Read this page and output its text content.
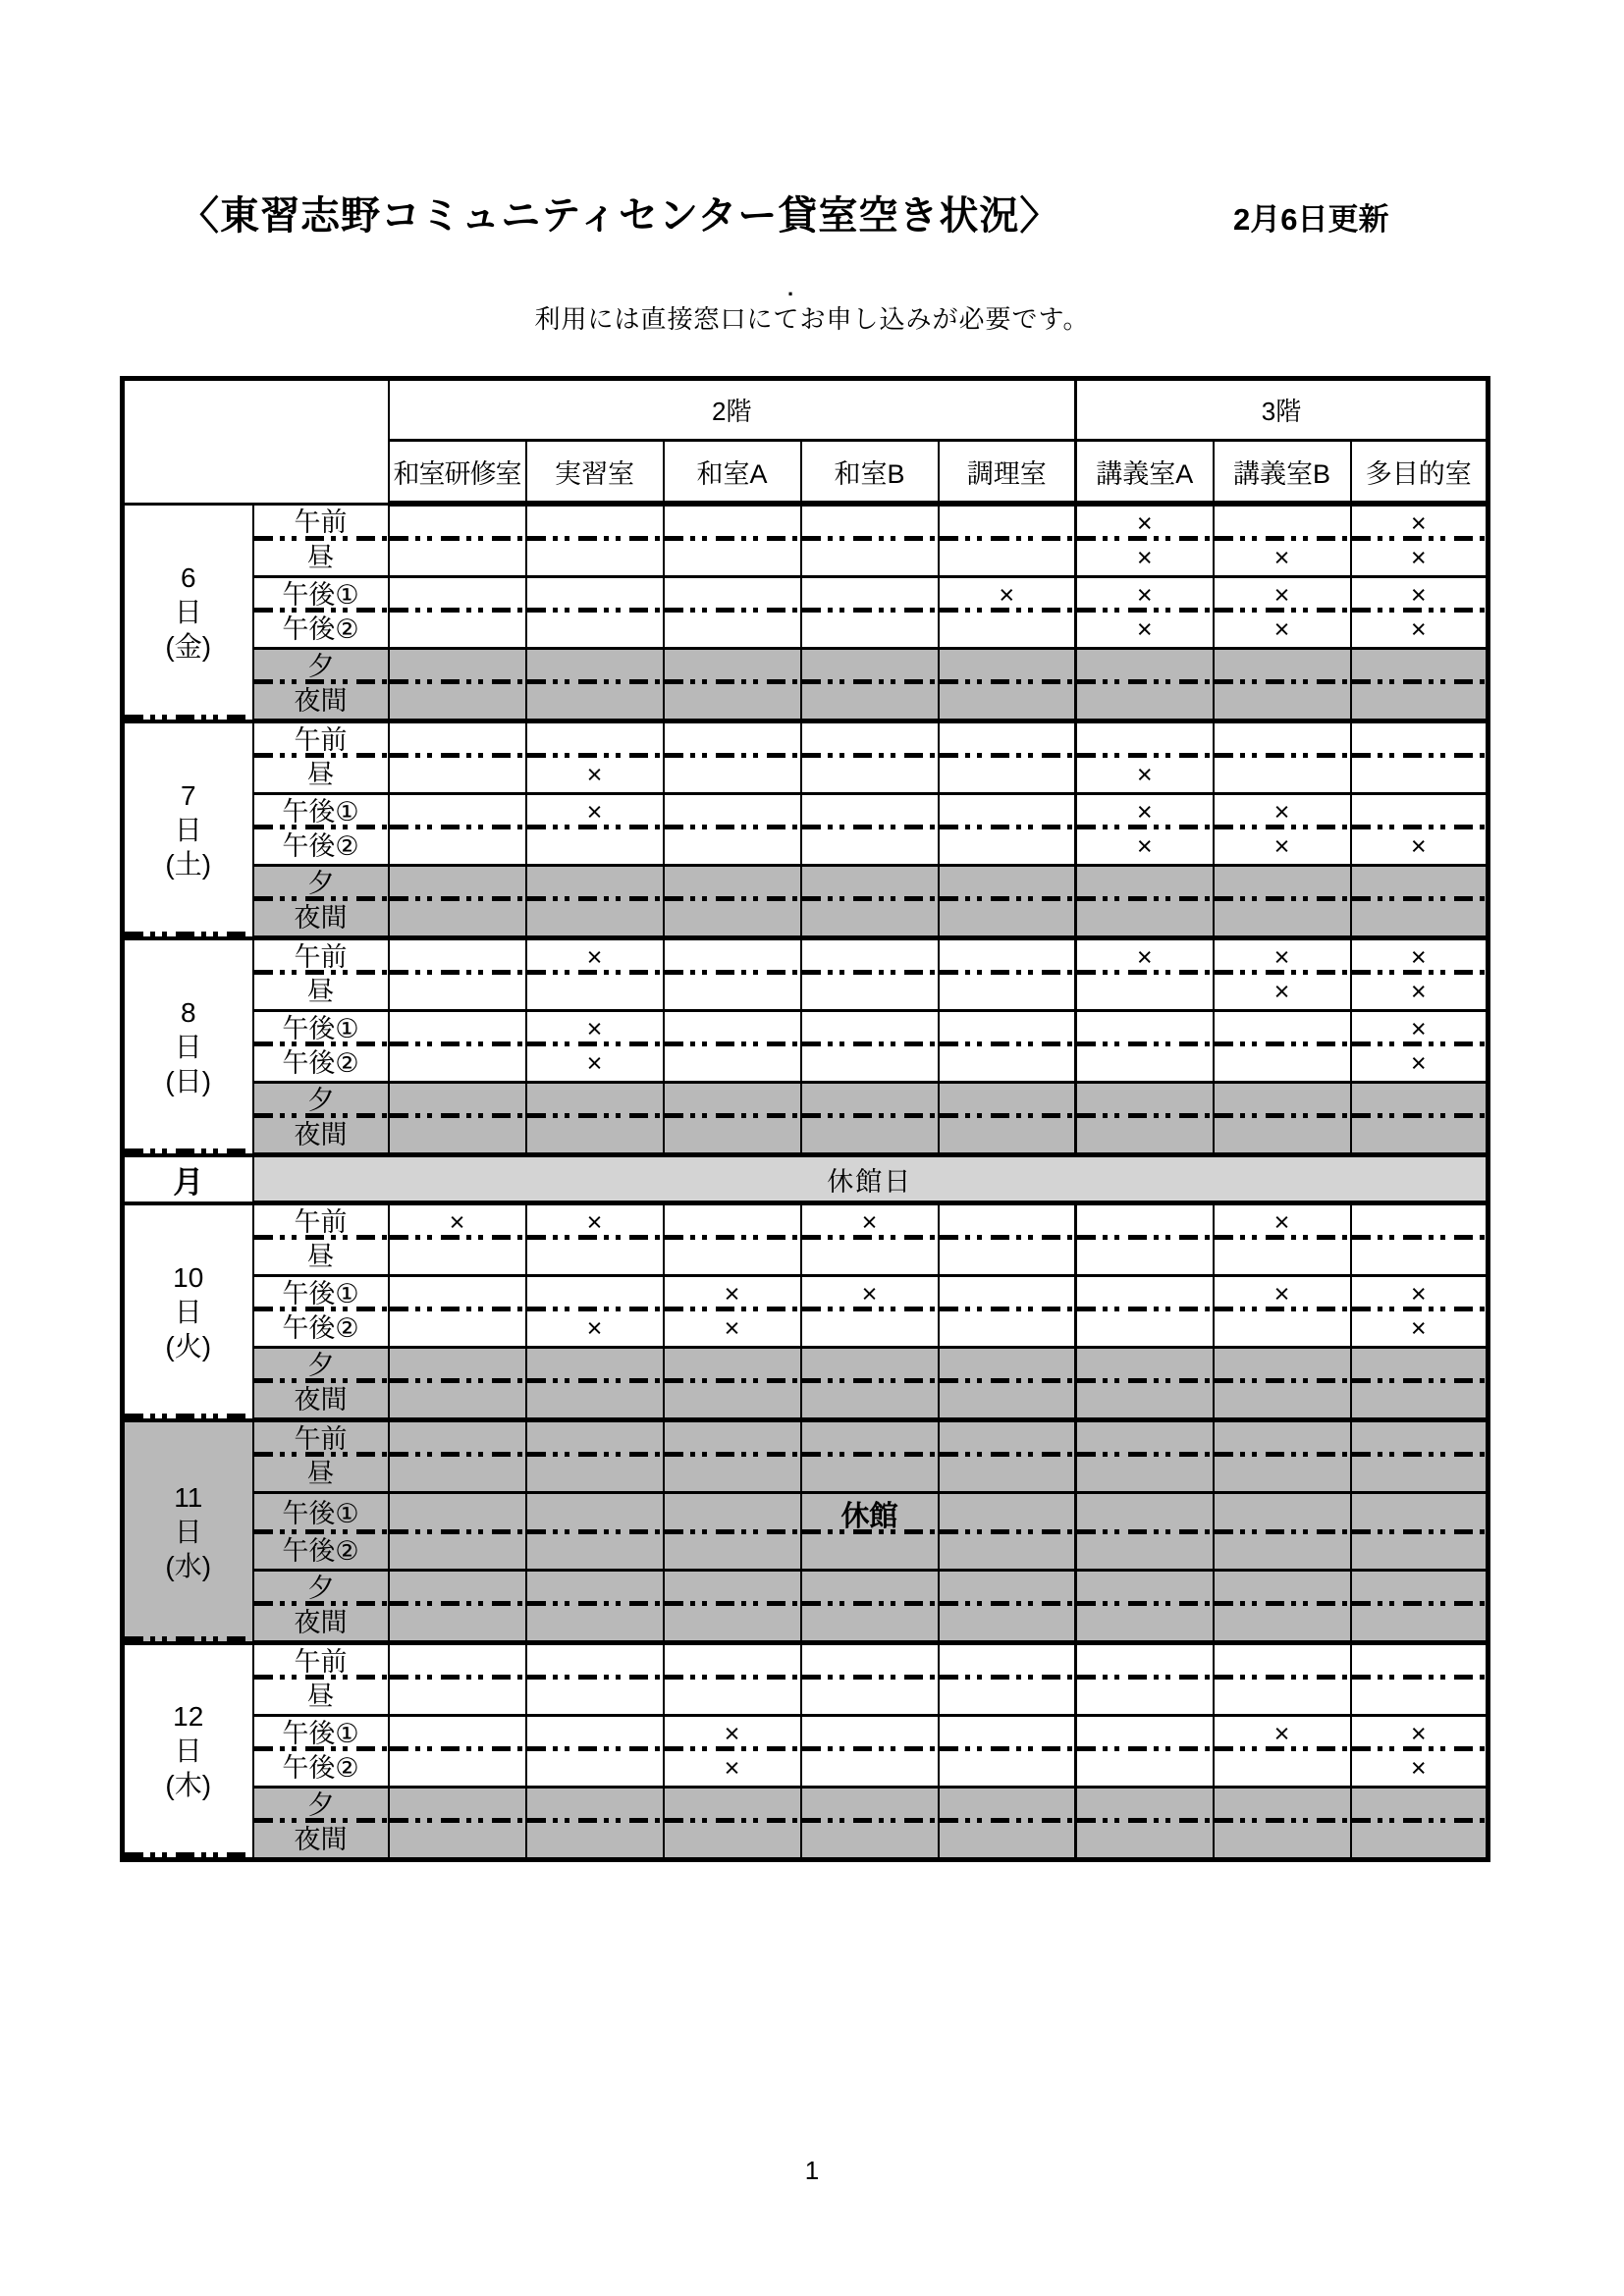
〈東習志野コミュニティセンター貸室空き状況〉	2月6日更新
.
利用には直接窓口にてお申し込みが必要です。
		2階					3階		
		和室研修室	実習室	和室A	和室B	調理室	講義室A	講義室B	多目的室
6
日
(金)	午前						×		×
	昼						×	×	×
	午後①					×	×	×	×
	午後②						×	×	×
	夕								
	夜間								
7
日
(土)	午前								
	昼		×				×		
	午後①		×				×	×	
	午後②						×	×	×
	夕								
	夜間								
8
日
(日)	午前		×				×	×	×
	昼							×	×
	午後①		×						×
	午後②		×						×
	夕								
	夜間								
月	休館日								
10
日
(火)	午前	×	×		×			×	
	昼								
	午後①			×	×			×	×
	午後②		×	×					×
	夕								
	夜間								
11
日
(水)	午前								
	昼								
	午後①				休館				
	午後②								
	夕								
	夜間								
12
日
(木)	午前								
	昼								
	午後①			×				×	×
	午後②			×					×
	夕								
	夜間								
1
